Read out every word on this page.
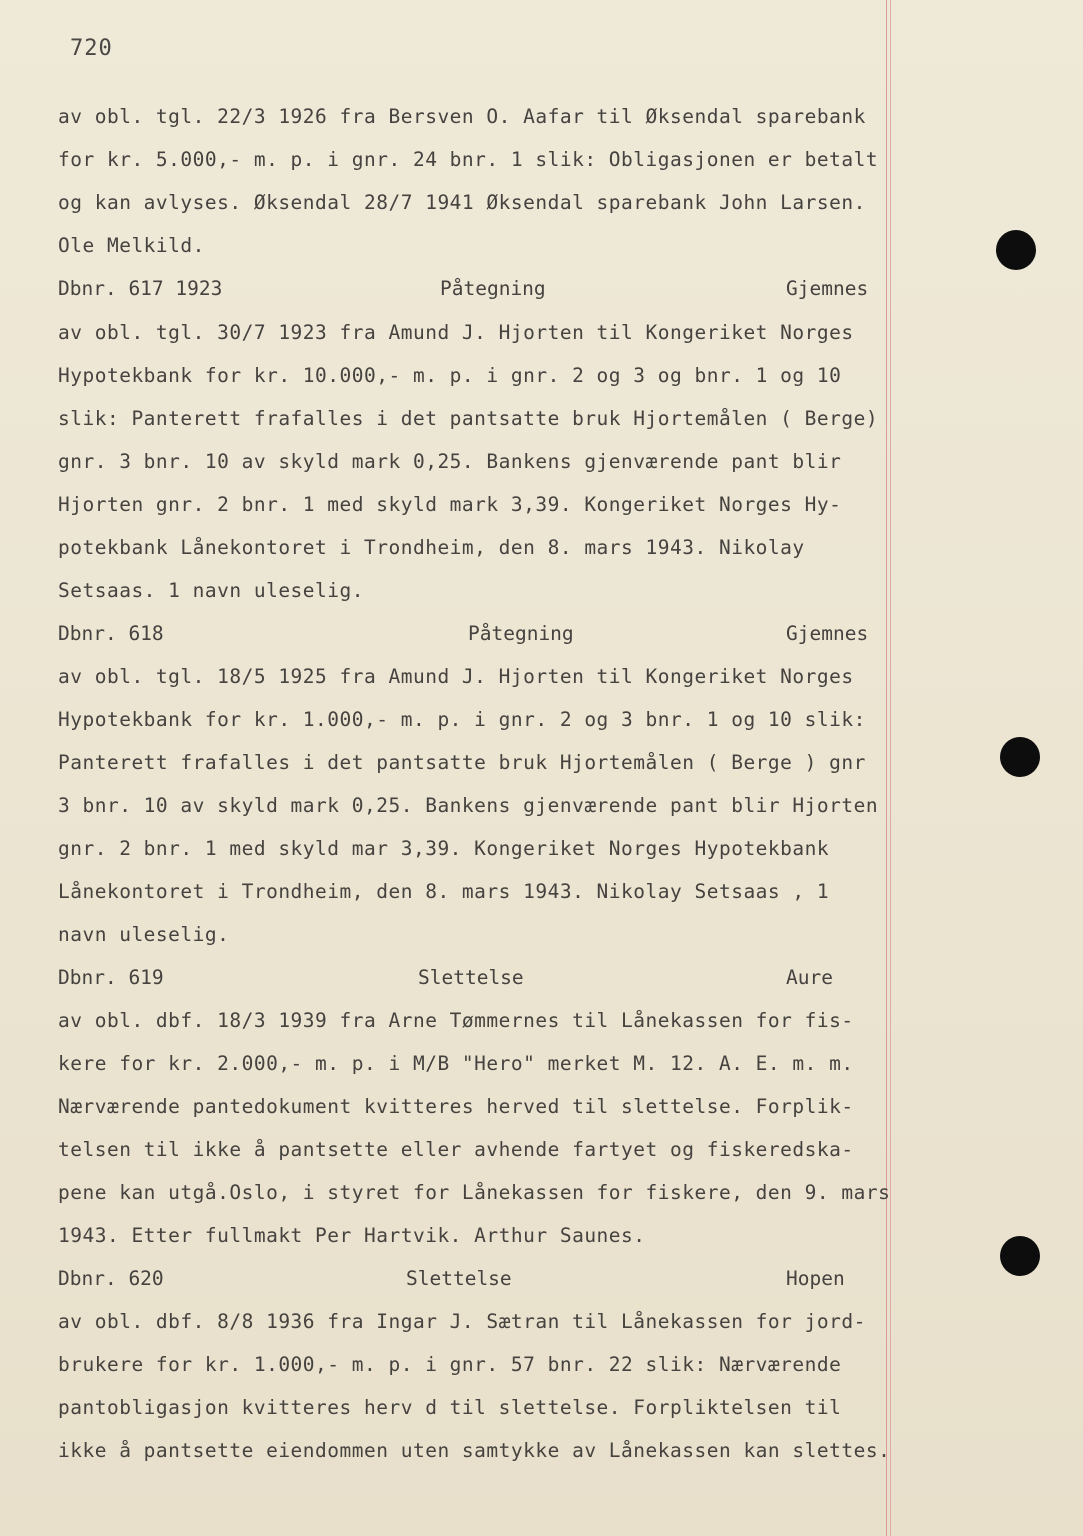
720
av obl. tgl. 22/3 1926 fra Bersven O. Aafar til Øksendal sparebank
for kr. 5.000,- m. p. i gnr. 24 bnr. 1 slik: Obligasjonen er betalt
og kan avlyses. Øksendal 28/7 1941 Øksendal sparebank John Larsen.
Ole Melkild.
Dbnr. 617 1923	Påtegning	Gjemnes
av obl. tgl. 30/7 1923 fra Amund J. Hjorten til Kongeriket Norges
Hypotekbank for kr. 10.000,- m. p. i gnr. 2 og 3 og bnr. 1 og 10
slik: Panterett frafalles i det pantsatte bruk Hjortemålen ( Berge)
gnr. 3 bnr. 10 av skyld mark 0,25. Bankens gjenværende pant blir
Hjorten gnr. 2 bnr. 1 med skyld mark 3,39. Kongeriket Norges Hy-
potekbank Lånekontoret i Trondheim, den 8. mars 1943. Nikolay
Setsaas. 1 navn uleselig.
Dbnr. 618	Påtegning	Gjemnes
av obl. tgl. 18/5 1925 fra Amund J. Hjorten til Kongeriket Norges
Hypotekbank for kr. 1.000,- m. p. i gnr. 2 og 3 bnr. 1 og 10 slik:
Panterett frafalles i det pantsatte bruk Hjortemålen ( Berge ) gnr
3 bnr. 10 av skyld mark 0,25. Bankens gjenværende pant blir Hjorten
gnr. 2 bnr. 1 med skyld mar 3,39. Kongeriket Norges Hypotekbank
Lånekontoret i Trondheim, den 8. mars 1943. Nikolay Setsaas , 1
navn uleselig.
Dbnr. 619	Slettelse	Aure
av obl. dbf. 18/3 1939 fra Arne Tømmernes til Lånekassen for fis-
kere for kr. 2.000,- m. p. i M/B "Hero" merket M. 12. A. E. m. m.
Nærværende pantedokument kvitteres herved til slettelse. Forplik-
telsen til ikke å pantsette eller avhende fartyet og fiskeredska-
pene kan utgå.Oslo, i styret for Lånekassen for fiskere, den 9. mars
1943. Etter fullmakt Per Hartvik. Arthur Saunes.
Dbnr. 620	Slettelse	Hopen
av obl. dbf. 8/8 1936 fra Ingar J. Sætran til Lånekassen for jord-
brukere for kr. 1.000,- m. p. i gnr. 57 bnr. 22 slik: Nærværende
pantobligasjon kvitteres herv d til slettelse. Forpliktelsen til
ikke å pantsette eiendommen uten samtykke av Lånekassen kan slettes.
